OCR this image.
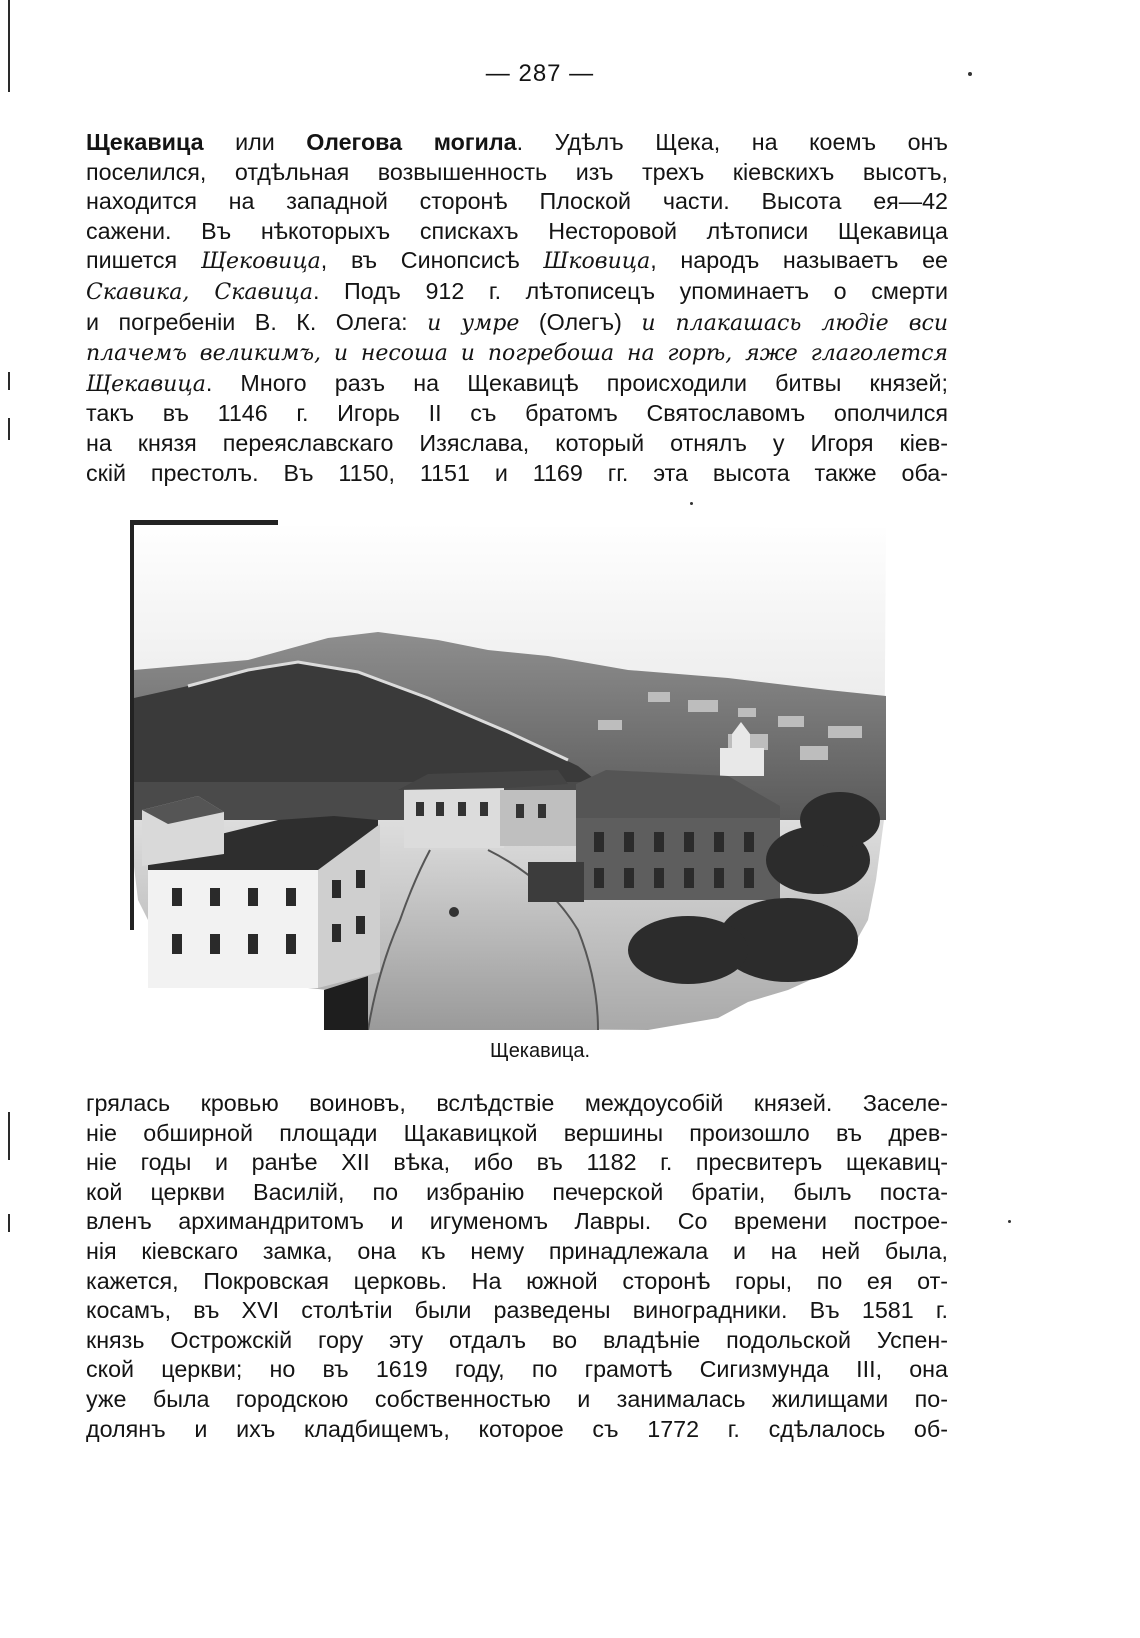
— 287 —
Щекавица или Олегова могила. Удѣлъ Щека, на коемъ онъ
поселился, отдѣльная возвышенность изъ трехъ кіевскихъ высотъ,
находится на западной сторонѣ Плоской части. Высота ея—42
сажени. Въ нѣкоторыхъ спискахъ Несторовой лѣтописи Щекавица
пишется Щековица, въ Синопсисѣ Шковица, народъ называетъ ее
Скавика, Скавица. Подъ 912 г. лѣтописецъ упоминаетъ о смерти
и погребеніи В. К. Олега: и умре (Олегъ) и плакашась людіе вси
плачемъ великимъ, и несоша и погребоша на горѣ, яже глаголется
Щекавица. Много разъ на Щекавицѣ происходили битвы князей;
такъ въ 1146 г. Игорь II съ братомъ Святославомъ ополчился
на князя переяславскаго Изяслава, который отнялъ у Игоря кіев-
скій престолъ. Въ 1150, 1151 и 1169 гг. эта высота также оба-
Щекавица.
грялась кровью воиновъ, вслѣдствіе междоусобій князей. Заселе-
ніе обширной площади Щакавицкой вершины произошло въ древ-
ніе годы и ранѣе XII вѣка, ибо въ 1182 г. пресвитеръ щекавиц-
кой церкви Василій, по избранію печерской братіи, былъ поста-
вленъ архимандритомъ и игуменомъ Лавры. Со времени построе-
нія кіевскаго замка, она къ нему принадлежала и на ней была,
кажется, Покровская церковь. На южной сторонѣ горы, по ея от-
косамъ, въ XVI столѣтіи были разведены виноградники. Въ 1581 г.
князь Острожскій гору эту отдалъ во владѣніе подольской Успен-
ской церкви; но въ 1619 году, по грамотѣ Сигизмунда III, она
уже была городскою собственностью и занималась жилищами по-
долянъ и ихъ кладбищемъ, которое съ 1772 г. сдѣлалось об-
